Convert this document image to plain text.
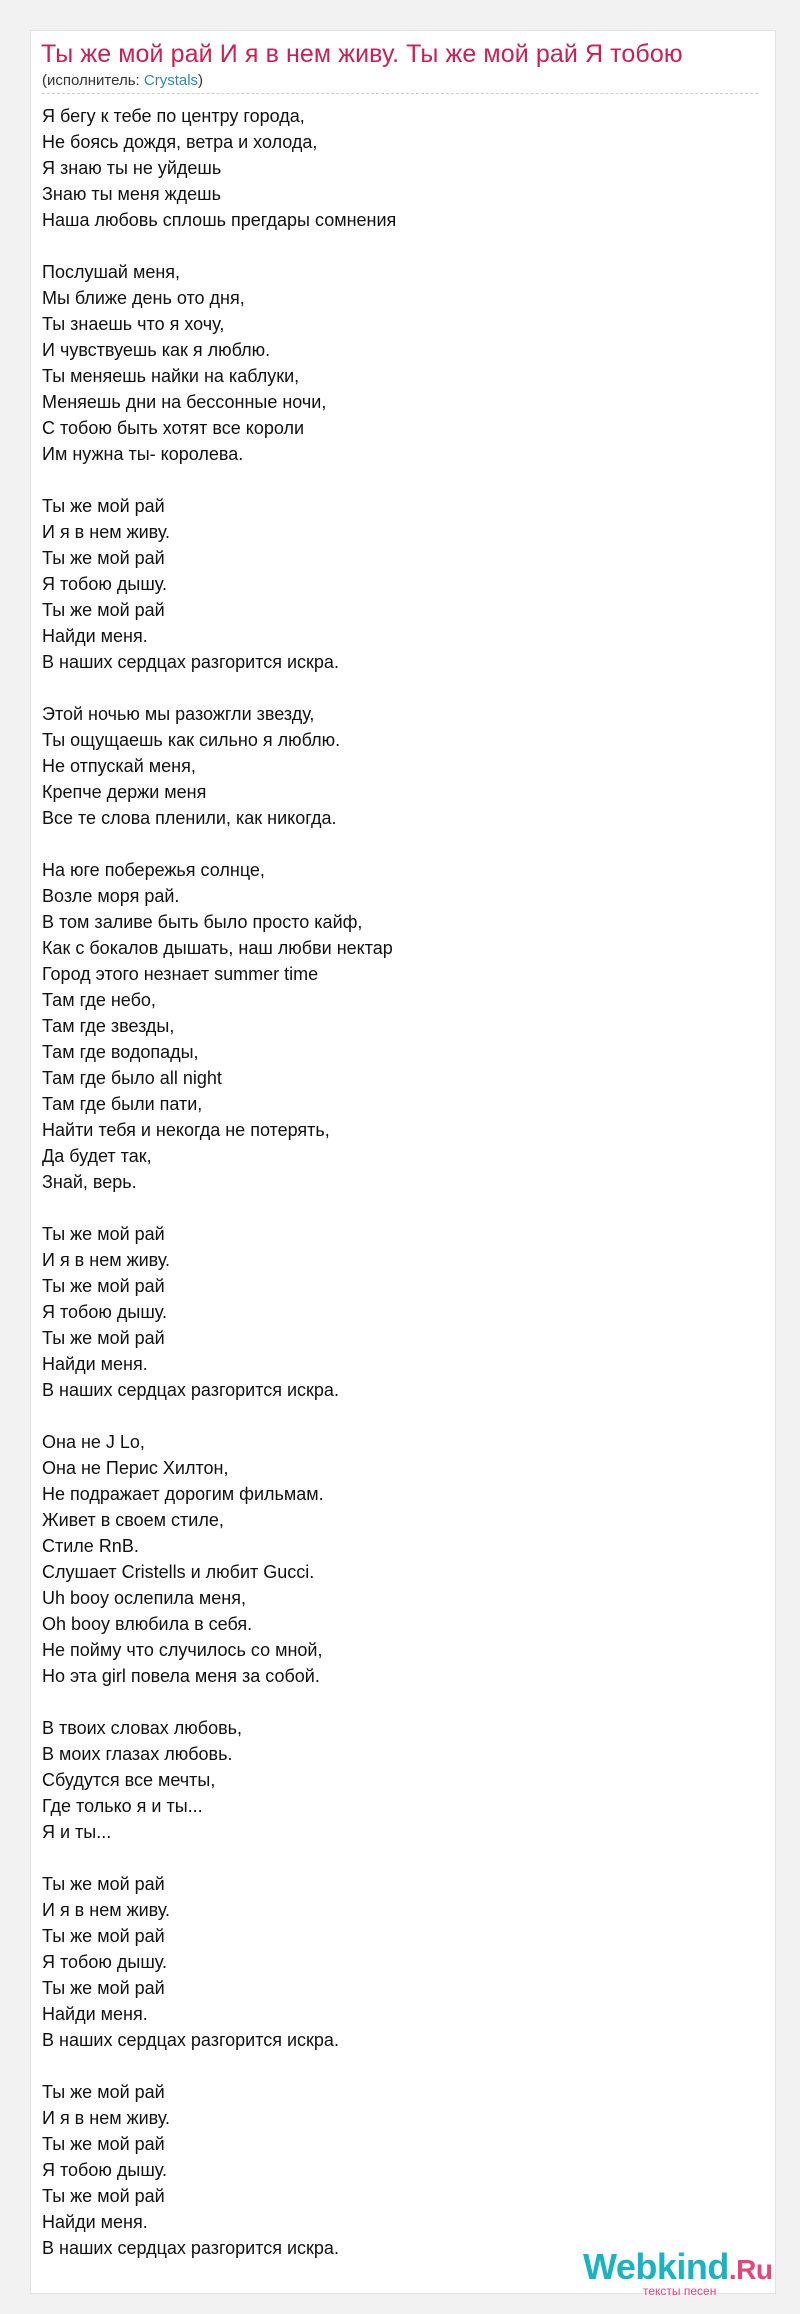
Ты же мой рай И я в нем живу. Ты же мой рай Я тобою
(исполнитель: Crystals)
Я бегу к тебе по центру города,
Не боясь дождя, ветра и холода,
Я знаю ты не уйдешь
Знаю ты меня ждешь
Наша любовь сплошь прегдары сомнения
Послушай меня,
Мы ближе день ото дня,
Ты знаешь что я хочу,
И чувствуешь как я люблю.
Ты меняешь найки на каблуки,
Меняешь дни на бессонные ночи,
С тобою быть хотят все короли
Им нужна ты- королева.
Ты же мой рай
И я в нем живу.
Ты же мой рай
Я тобою дышу.
Ты же мой рай
Найди меня.
В наших сердцах разгорится искра.
Этой ночью мы разожгли звезду,
Ты ощущаешь как сильно я люблю.
Не отпускай меня,
Крепче держи меня
Все те слова пленили, как никогда.
На юге побережья солнце,
Возле моря рай.
В том заливе быть было просто кайф,
Как с бокалов дышать, наш любви нектар
Город этого незнает summer time
Там где небо,
Там где звезды,
Там где водопады,
Там где было all night
Там где были пати,
Найти тебя и некогда не потерять,
Да будет так,
Знай, верь.
Ты же мой рай
И я в нем живу.
Ты же мой рай
Я тобою дышу.
Ты же мой рай
Найди меня.
В наших сердцах разгорится искра.
Она не J Lo,
Она не Перис Хилтон,
Не подражает дорогим фильмам.
Живет в своем стиле,
Стиле RnB.
Слушает Cristells и любит Gucci.
Uh booy ослепила меня,
Oh booy влюбила в себя.
Не пойму что случилось со мной,
Но эта girl повела меня за собой.
В твоих словах любовь,
В моих глазах любовь.
Сбудутся все мечты,
Где только я и ты...
Я и ты...
Ты же мой рай
И я в нем живу.
Ты же мой рай
Я тобою дышу.
Ты же мой рай
Найди меня.
В наших сердцах разгорится искра.
Ты же мой рай
И я в нем живу.
Ты же мой рай
Я тобою дышу.
Ты же мой рай
Найди меня.
В наших сердцах разгорится искра.	Webkind.Ru
тексты песен
